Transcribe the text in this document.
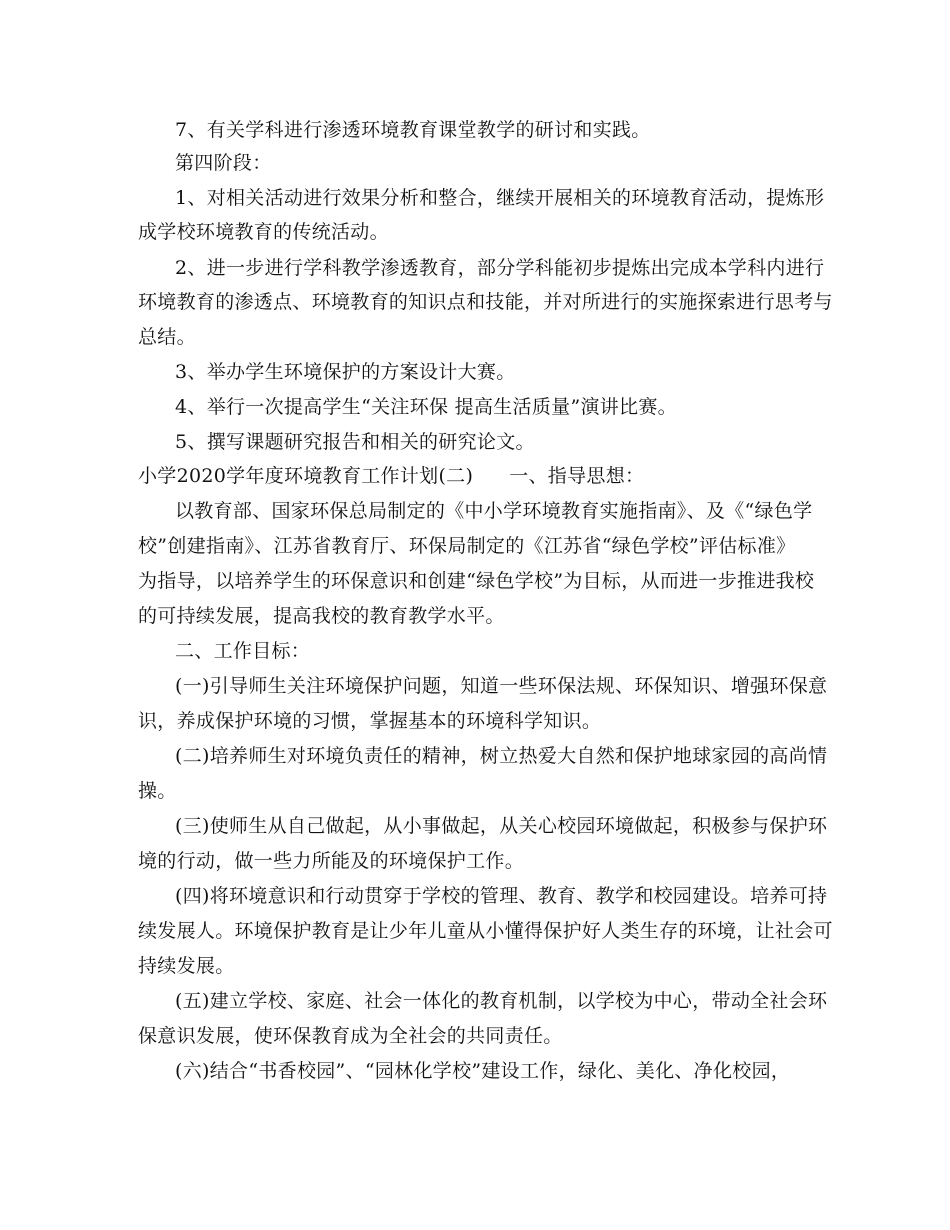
7、有关学科进行渗透环境教育课堂教学的研讨和实践。
第四阶段：
1、对相关活动进行效果分析和整合，继续开展相关的环境教育活动，提炼形
成学校环境教育的传统活动。
2、进一步进行学科教学渗透教育，部分学科能初步提炼出完成本学科内进行
环境教育的渗透点、环境教育的知识点和技能，并对所进行的实施探索进行思考与
总结。
3、举办学生环境保护的方案设计大赛。
4、举行一次提高学生“关注环保 提高生活质量”演讲比赛。
5、撰写课题研究报告和相关的研究论文。
小学2020学年度环境教育工作计划(二) 一、指导思想：
以教育部、国家环保总局制定的《中小学环境教育实施指南》、及《“绿色学
校”创建指南》、江苏省教育厅、环保局制定的《江苏省“绿色学校”评估标准》
为指导，以培养学生的环保意识和创建“绿色学校”为目标，从而进一步推进我校
的可持续发展，提高我校的教育教学水平。
二、工作目标：
(一)引导师生关注环境保护问题，知道一些环保法规、环保知识、增强环保意
识，养成保护环境的习惯，掌握基本的环境科学知识。
(二)培养师生对环境负责任的精神，树立热爱大自然和保护地球家园的高尚情
操。
(三)使师生从自己做起，从小事做起，从关心校园环境做起，积极参与保护环
境的行动，做一些力所能及的环境保护工作。
(四)将环境意识和行动贯穿于学校的管理、教育、教学和校园建设。培养可持
续发展人。环境保护教育是让少年儿童从小懂得保护好人类生存的环境，让社会可
持续发展。
(五)建立学校、家庭、社会一体化的教育机制，以学校为中心，带动全社会环
保意识发展，使环保教育成为全社会的共同责任。
(六)结合“书香校园”、“园林化学校”建设工作，绿化、美化、净化校园，
